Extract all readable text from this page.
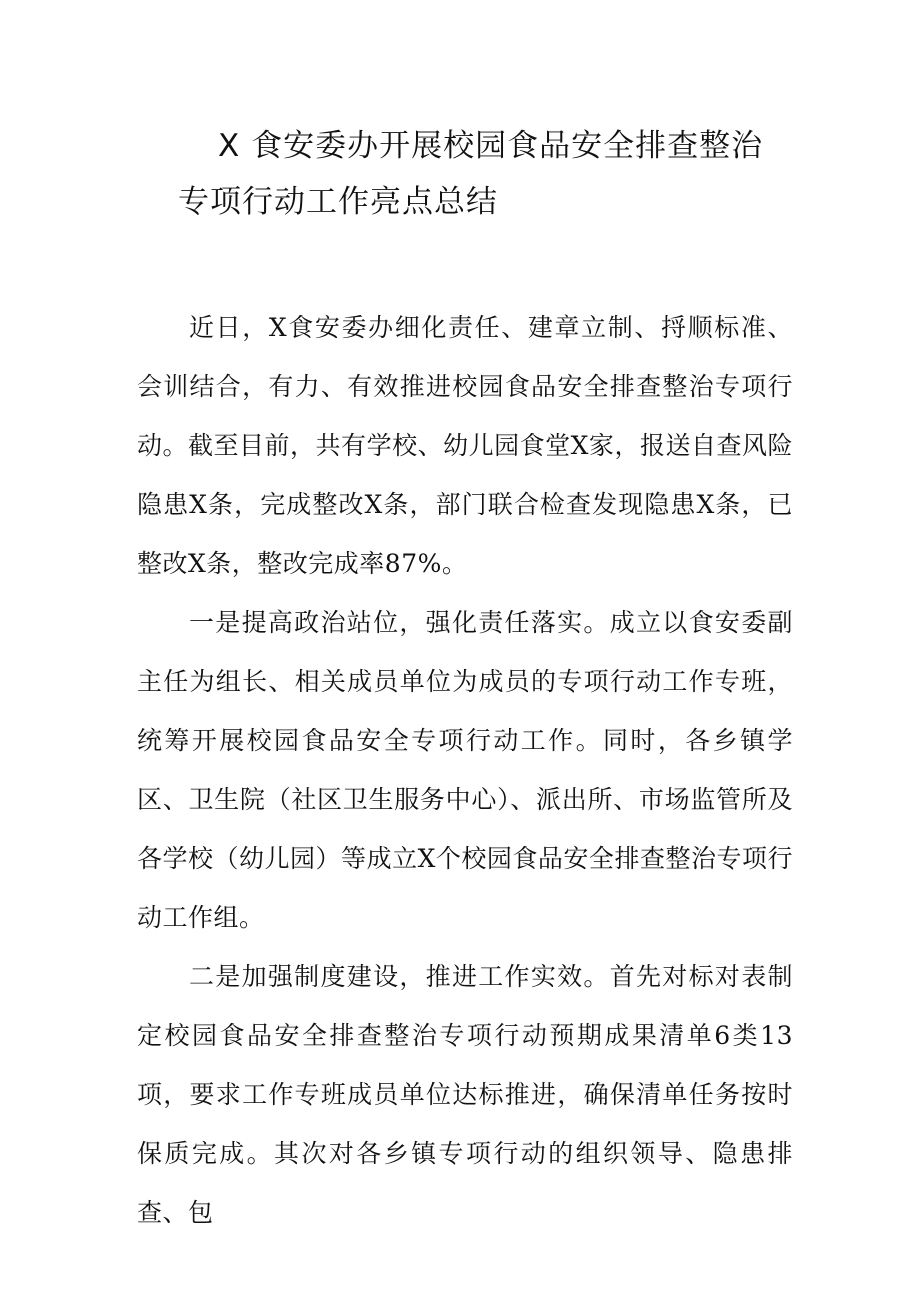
X 食安委办开展校园食品安全排查整治
专项行动工作亮点总结

近日，X食安委办细化责任、建章立制、捋顺标准、会训结合，有力、有效推进校园食品安全排查整治专项行动。截至目前，共有学校、幼儿园食堂X家，报送自查风险隐患X条，完成整改X条，部门联合检查发现隐患X条，已整改X条，整改完成率87%。

一是提高政治站位，强化责任落实。成立以食安委副主任为组长、相关成员单位为成员的专项行动工作专班，统筹开展校园食品安全专项行动工作。同时，各乡镇学区、卫生院（社区卫生服务中心）、派出所、市场监管所及各学校（幼儿园）等成立X个校园食品安全排查整治专项行动工作组。

二是加强制度建设，推进工作实效。首先对标对表制定校园食品安全排查整治专项行动预期成果清单6类13项，要求工作专班成员单位达标推进，确保清单任务按时保质完成。其次对各乡镇专项行动的组织领导、隐患排查、包
